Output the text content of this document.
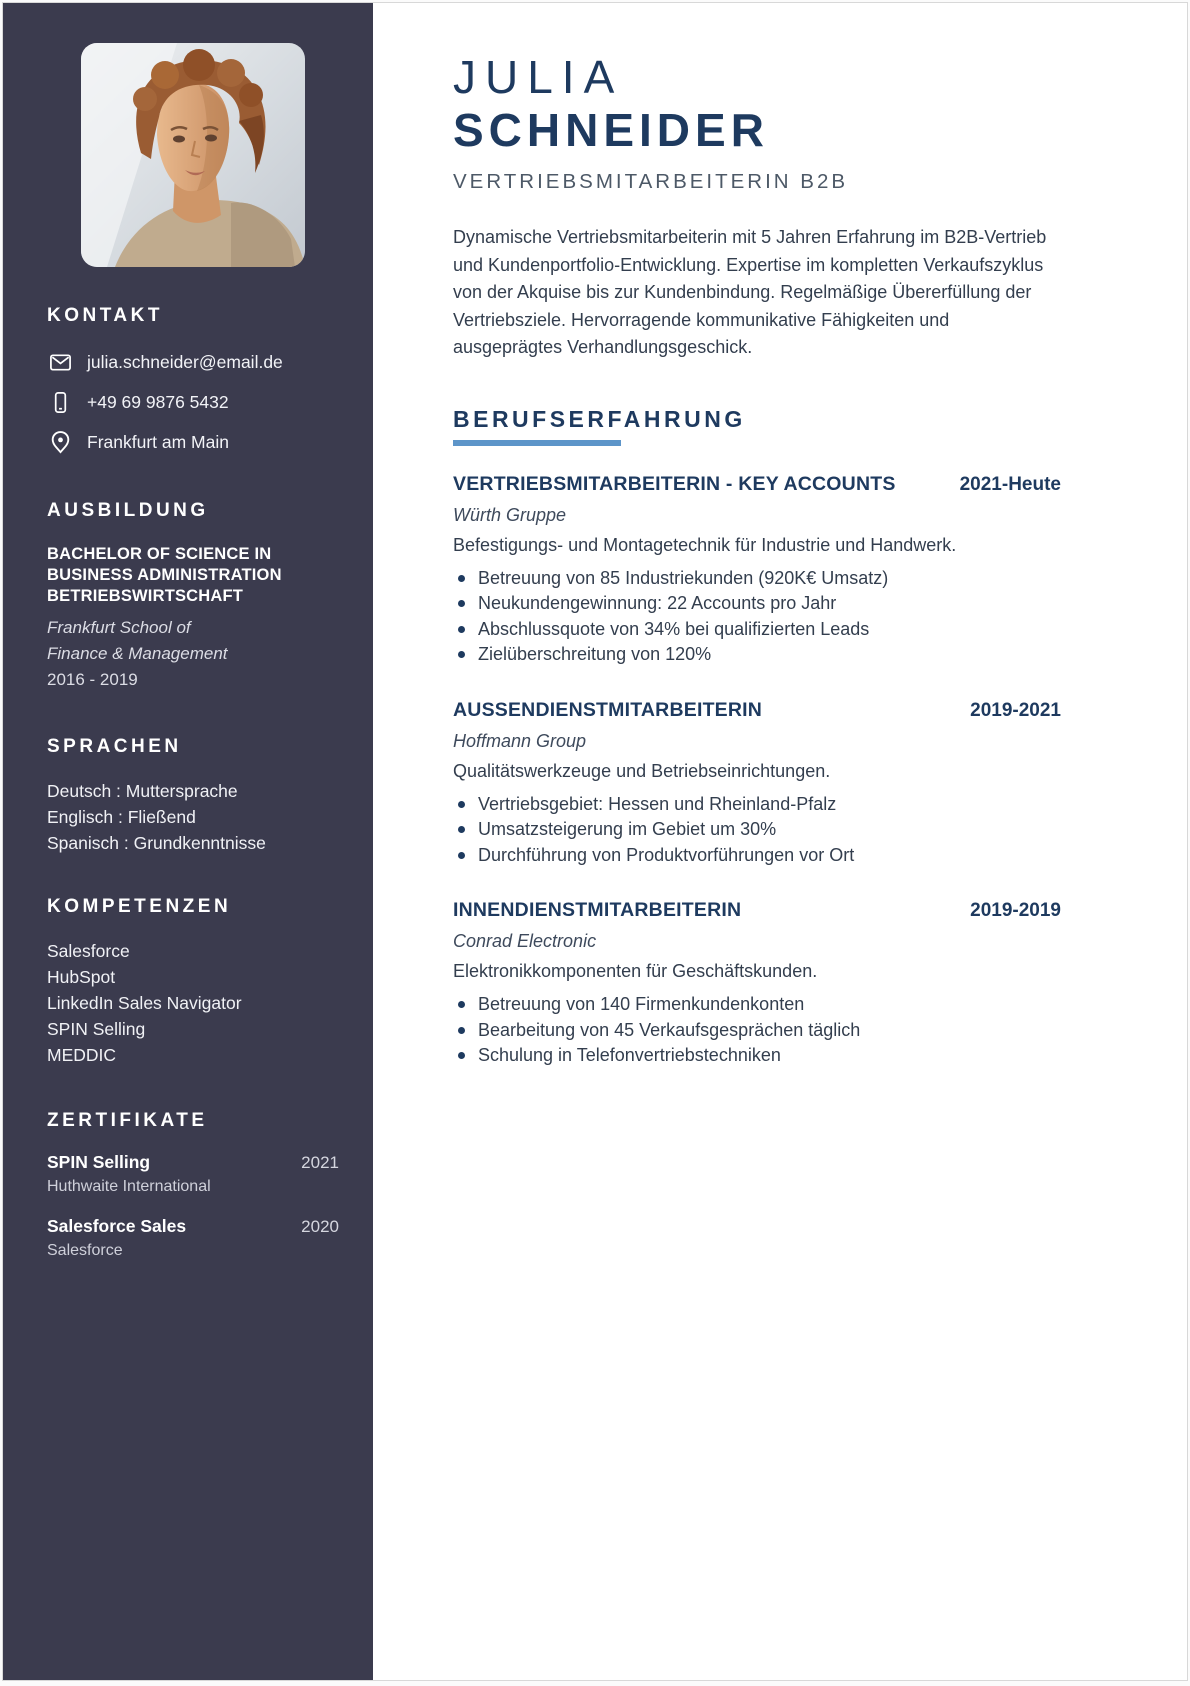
KONTAKT
julia.schneider@email.de
+49 69 9876 5432
Frankfurt am Main
AUSBILDUNG
BACHELOR OF SCIENCE IN BUSINESS ADMINISTRATION BETRIEBSWIRTSCHAFT
Frankfurt School of
Finance & Management
2016 - 2019
SPRACHEN
Deutsch : Muttersprache
Englisch : Fließend
Spanisch : Grundkenntnisse
KOMPETENZEN
Salesforce
HubSpot
LinkedIn Sales Navigator
SPIN Selling
MEDDIC
ZERTIFIKATE
SPIN Selling	2021
Huthwaite International
Salesforce Sales	2020
Salesforce
JULIA
SCHNEIDER
VERTRIEBSMITARBEITERIN B2B

Dynamische Vertriebsmitarbeiterin mit 5 Jahren Erfahrung im B2B-Vertrieb und Kundenportfolio-Entwicklung. Expertise im kompletten Verkaufszyklus von der Akquise bis zur Kundenbindung. Regelmäßige Übererfüllung der Vertriebsziele. Hervorragende kommunikative Fähigkeiten und ausgeprägtes Verhandlungsgeschick.

BERUFSERFAHRUNG
VERTRIEBSMITARBEITERIN - KEY ACCOUNTS	2021-Heute
Würth Gruppe
Befestigungs- und Montagetechnik für Industrie und Handwerk.
Betreuung von 85 Industriekunden (920K€ Umsatz)
Neukundengewinnung: 22 Accounts pro Jahr
Abschlussquote von 34% bei qualifizierten Leads
Zielüberschreitung von 120%
AUSSENDIENSTMITARBEITERIN	2019-2021
Hoffmann Group
Qualitätswerkzeuge und Betriebseinrichtungen.
Vertriebsgebiet: Hessen und Rheinland-Pfalz
Umsatzsteigerung im Gebiet um 30%
Durchführung von Produktvorführungen vor Ort
INNENDIENSTMITARBEITERIN	2019-2019
Conrad Electronic
Elektronikkomponenten für Geschäftskunden.
Betreuung von 140 Firmenkundenkonten
Bearbeitung von 45 Verkaufsgesprächen täglich
Schulung in Telefonvertriebstechniken
